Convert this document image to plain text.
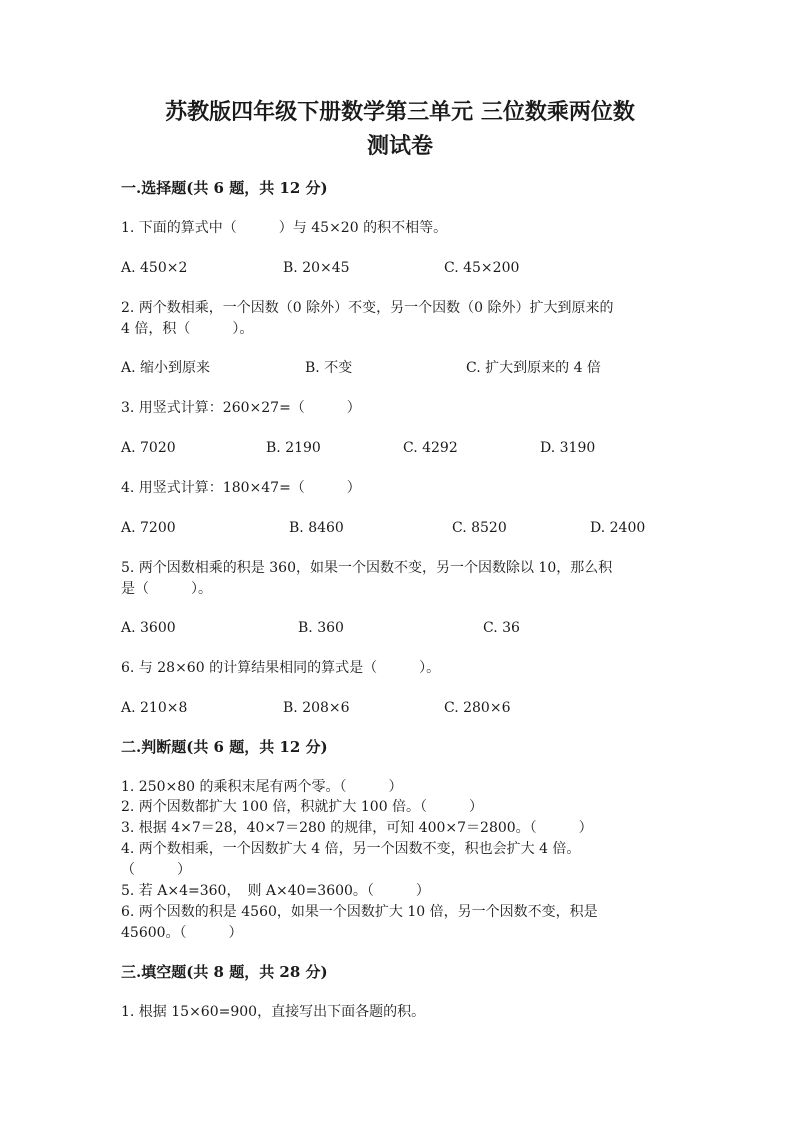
苏教版四年级下册数学第三单元 三位数乘两位数
测试卷
一.选择题(共 6 题，共 12 分)

1. 下面的算式中（　　　）与 45×20 的积不相等。

A. 450×2	B. 20×45	C. 45×200

2. 两个数相乘，一个因数（0 除外）不变，另一个因数（0 除外）扩大到原来的

4 倍，积（　　　）。

A. 缩小到原来	B. 不变	C. 扩大到原来的 4 倍

3. 用竖式计算：260×27=（　　　）

A. 7020	B. 2190	C. 4292	D. 3190

4. 用竖式计算：180×47=（　　　）

A. 7200	B. 8460	C. 8520	D. 2400

5. 两个因数相乘的积是 360，如果一个因数不变，另一个因数除以 10，那么积

是（　　　）。

A. 3600	B. 360	C. 36

6. 与 28×60 的计算结果相同的算式是（　　　）。

A. 210×8	B. 208×6	C. 280×6
二.判断题(共 6 题，共 12 分)

1. 250×80 的乘积末尾有两个零。（　　　）

2. 两个因数都扩大 100 倍，积就扩大 100 倍。（　　　）

3. 根据 4×7＝28，40×7＝280 的规律，可知 400×7＝2800。（　　　）

4. 两个数相乘，一个因数扩大 4 倍，另一个因数不变，积也会扩大 4 倍。

（　　　）

5. 若 A×4=360，　则 A×40=3600。（　　　）

6. 两个因数的积是 4560，如果一个因数扩大 10 倍，另一个因数不变，积是

45600。（　　　）

三.填空题(共 8 题，共 28 分)

1. 根据 15×60=900，直接写出下面各题的积。
